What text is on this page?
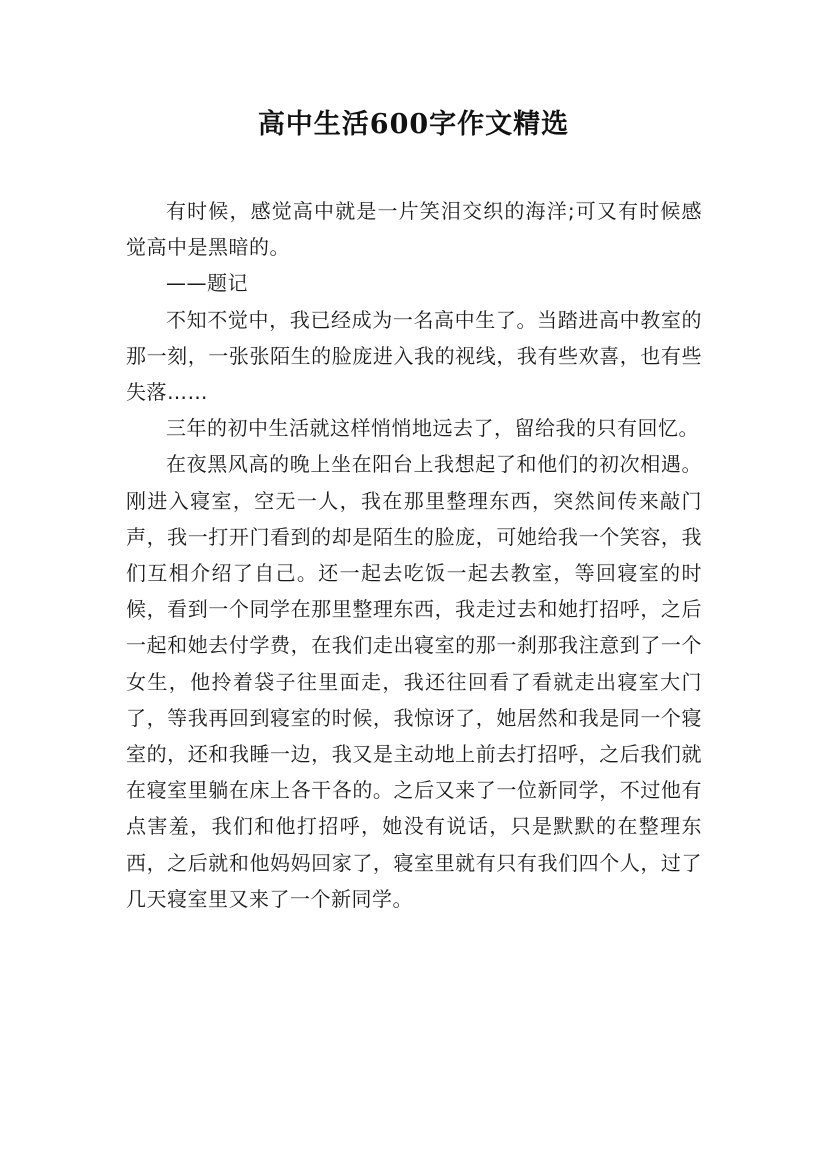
高中生活600字作文精选

有时候，感觉高中就是一片笑泪交织的海洋;可又有时候感觉高中是黑暗的。

——题记

不知不觉中，我已经成为一名高中生了。当踏进高中教室的那一刻，一张张陌生的脸庞进入我的视线，我有些欢喜，也有些失落……

三年的初中生活就这样悄悄地远去了，留给我的只有回忆。

在夜黑风高的晚上坐在阳台上我想起了和他们的初次相遇。刚进入寝室，空无一人，我在那里整理东西，突然间传来敲门声，我一打开门看到的却是陌生的脸庞，可她给我一个笑容，我们互相介绍了自己。还一起去吃饭一起去教室，等回寝室的时候，看到一个同学在那里整理东西，我走过去和她打招呼，之后一起和她去付学费，在我们走出寝室的那一刹那我注意到了一个女生，他拎着袋子往里面走，我还往回看了看就走出寝室大门了，等我再回到寝室的时候，我惊讶了，她居然和我是同一个寝室的，还和我睡一边，我又是主动地上前去打招呼，之后我们就在寝室里躺在床上各干各的。之后又来了一位新同学，不过他有点害羞，我们和他打招呼，她没有说话，只是默默的在整理东西，之后就和他妈妈回家了，寝室里就有只有我们四个人，过了几天寝室里又来了一个新同学。
